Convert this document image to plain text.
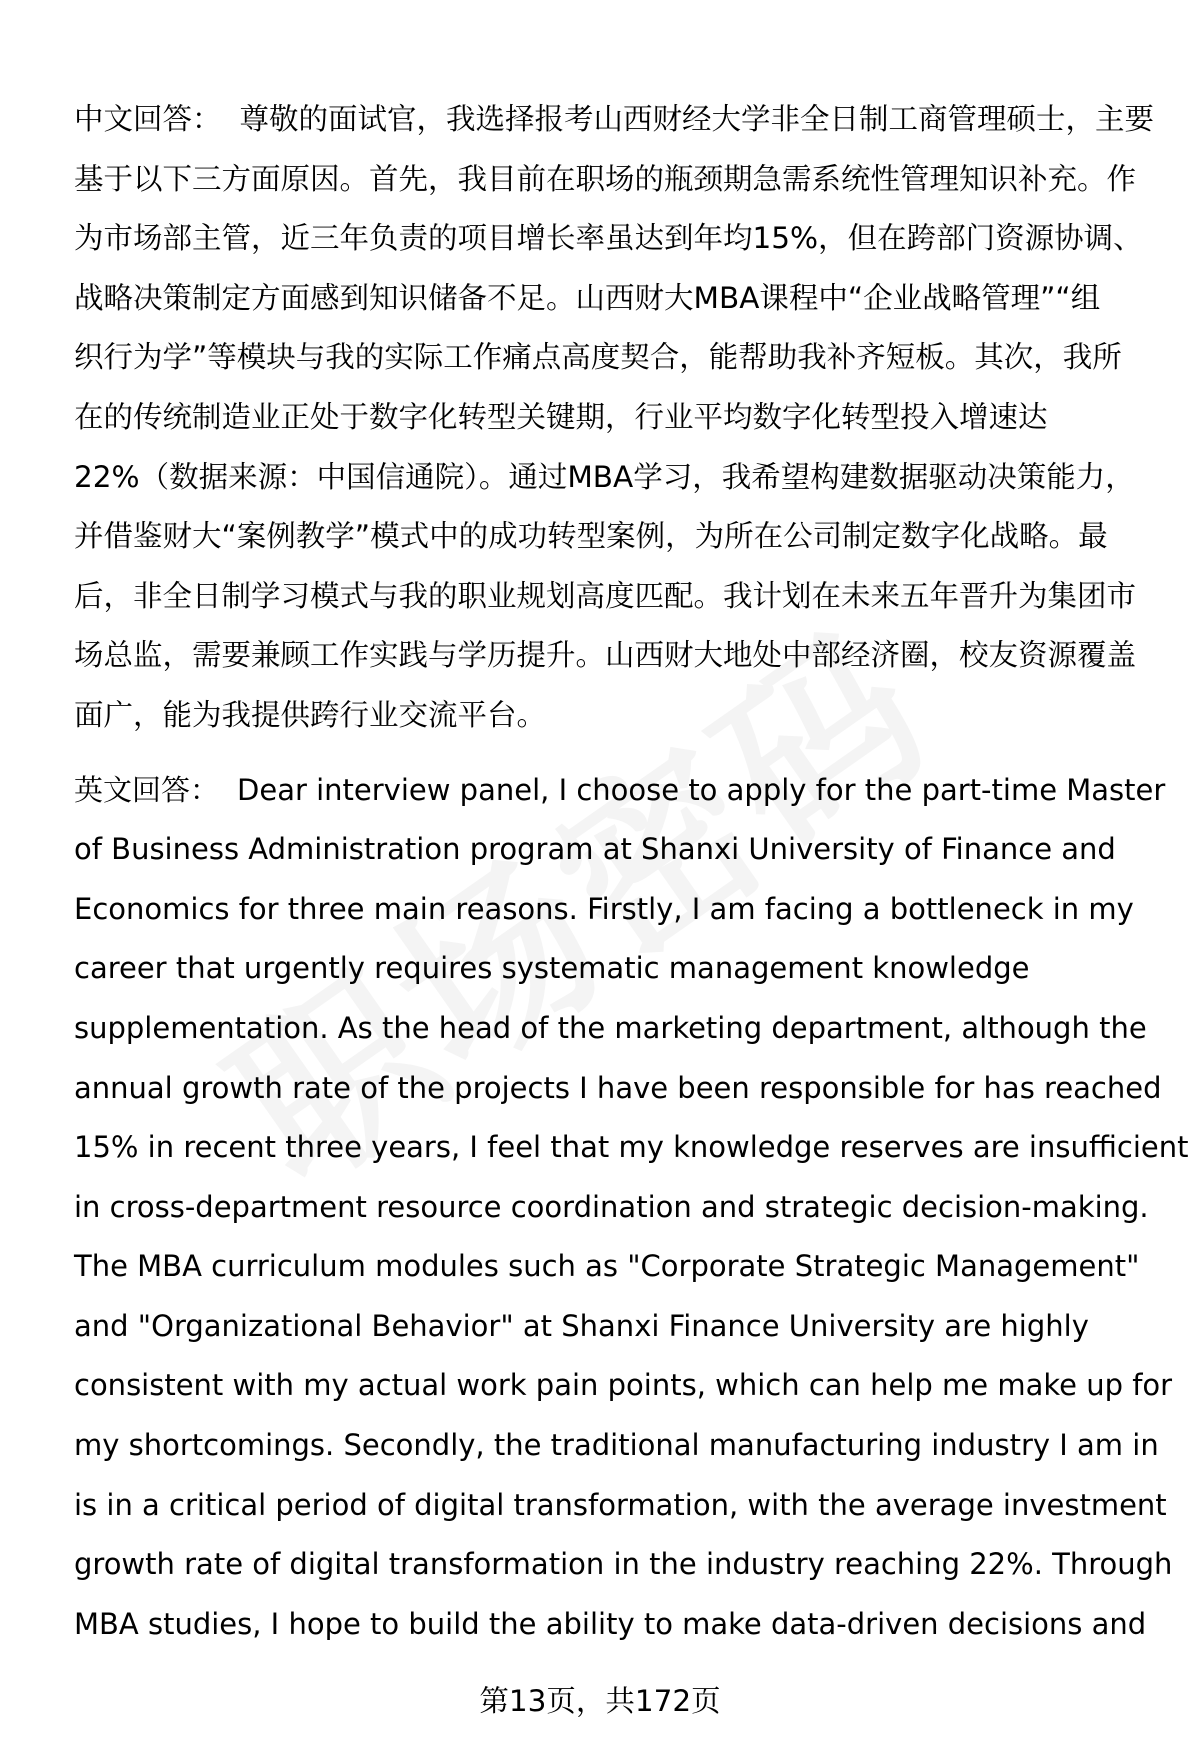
中文回答： 尊敬的面试官，我选择报考山西财经大学非全日制工商管理硕士，主要
基于以下三方面原因。首先，我目前在职场的瓶颈期急需系统性管理知识补充。作
为市场部主管，近三年负责的项目增长率虽达到年均15%，但在跨部门资源协调、
战略决策制定方面感到知识储备不足。山西财大MBA课程中“企业战略管理”“组
织行为学”等模块与我的实际工作痛点高度契合，能帮助我补齐短板。其次，我所
在的传统制造业正处于数字化转型关键期，行业平均数字化转型投入增速达
22%（数据来源：中国信通院）。通过MBA学习，我希望构建数据驱动决策能力，
并借鉴财大“案例教学”模式中的成功转型案例，为所在公司制定数字化战略。最
后，非全日制学习模式与我的职业规划高度匹配。我计划在未来五年晋升为集团市
场总监，需要兼顾工作实践与学历提升。山西财大地处中部经济圈，校友资源覆盖
面广，能为我提供跨行业交流平台。
英文回答： Dear interview panel, I choose to apply for the part-time Master
of Business Administration program at Shanxi University of Finance and
Economics for three main reasons. Firstly, I am facing a bottleneck in my
career that urgently requires systematic management knowledge
supplementation. As the head of the marketing department, although the
annual growth rate of the projects I have been responsible for has reached
15% in recent three years, I feel that my knowledge reserves are insufficient
in cross-department resource coordination and strategic decision-making.
The MBA curriculum modules such as "Corporate Strategic Management"
and "Organizational Behavior" at Shanxi Finance University are highly
consistent with my actual work pain points, which can help me make up for
my shortcomings. Secondly, the traditional manufacturing industry I am in
is in a critical period of digital transformation, with the average investment
growth rate of digital transformation in the industry reaching 22%. Through
MBA studies, I hope to build the ability to make data-driven decisions and
第13页，共172页
